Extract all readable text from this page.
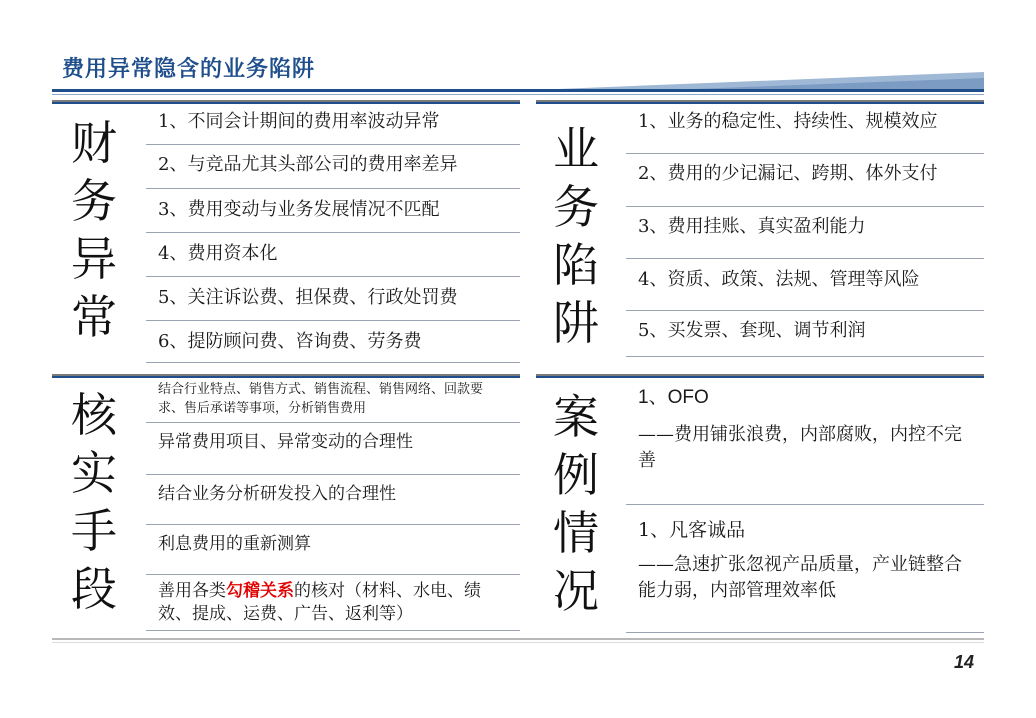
费用异常隐含的业务陷阱
财
务
异
常
1、不同会计期间的费用率波动异常
2、与竞品尤其头部公司的费用率差异
3、费用变动与业务发展情况不匹配
4、费用资本化
5、关注诉讼费、担保费、行政处罚费
6、提防顾问费、咨询费、劳务费
业
务
陷
阱
1、业务的稳定性、持续性、规模效应
2、费用的少记漏记、跨期、体外支付
3、费用挂账、真实盈利能力
4、资质、政策、法规、管理等风险
5、买发票、套现、调节利润
核
实
手
段
结合行业特点、销售方式、销售流程、销售网络、回款要求、售后承诺等事项，分析销售费用
异常费用项目、异常变动的合理性
结合业务分析研发投入的合理性
利息费用的重新测算
善用各类勾稽关系的核对（材料、水电、绩效、提成、运费、广告、返利等）
案
例
情
况
1、OFO
——费用铺张浪费，内部腐败，内控不完善
1、凡客诚品
——急速扩张忽视产品质量，产业链整合能力弱，内部管理效率低
14
